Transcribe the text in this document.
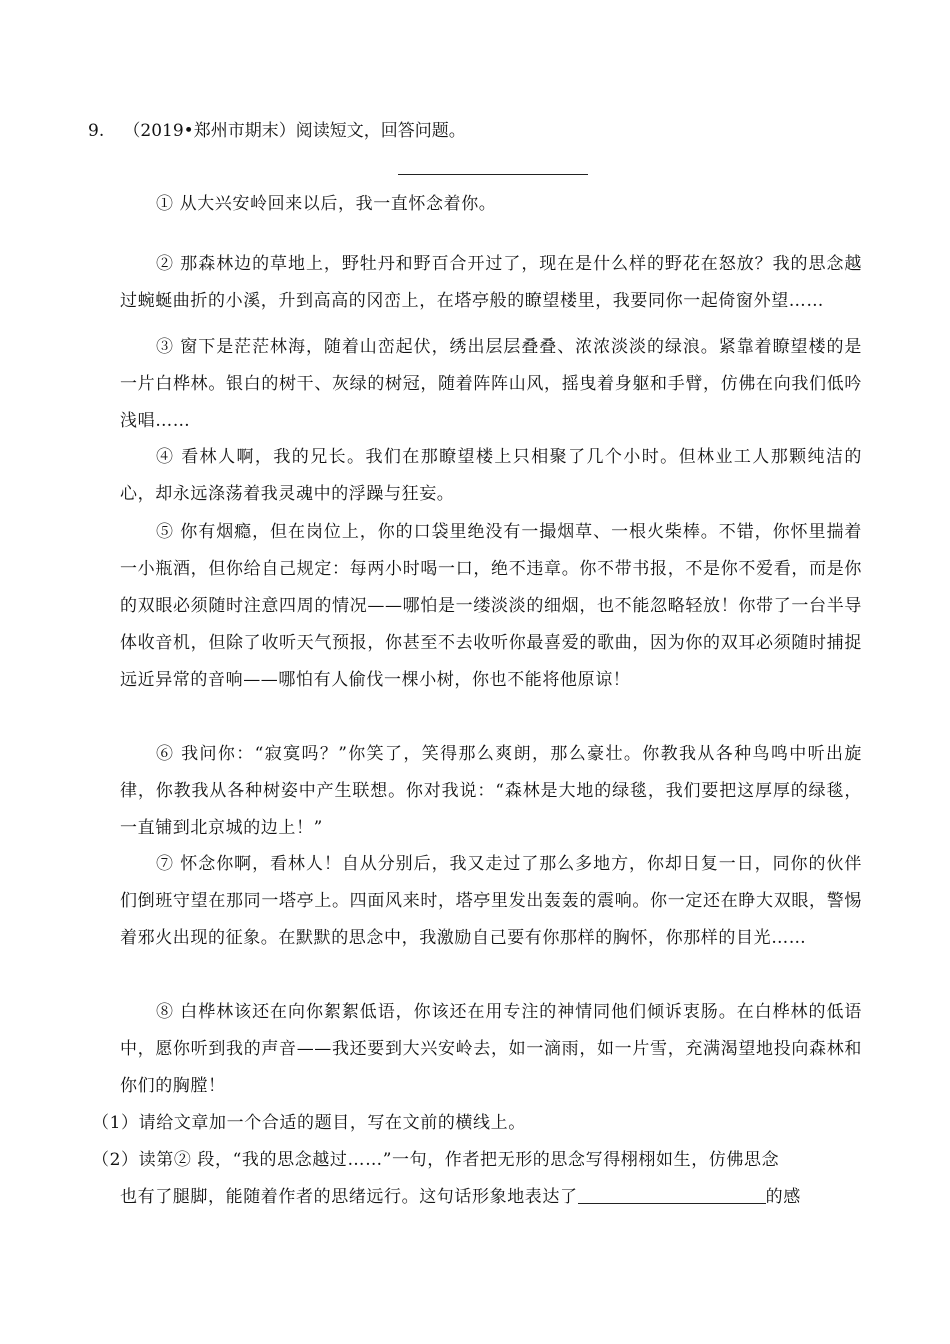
9. （2019•郑州市期末）阅读短文，回答问题。
① 从大兴安岭回来以后，我一直怀念着你。
② 那森林边的草地上，野牡丹和野百合开过了，现在是什么样的野花在怒放？我的思念越过蜿蜒曲折的小溪，升到高高的冈峦上，在塔亭般的瞭望楼里，我要同你一起倚窗外望……
③ 窗下是茫茫林海，随着山峦起伏，绣出层层叠叠、浓浓淡淡的绿浪。紧靠着瞭望楼的是一片白桦林。银白的树干、灰绿的树冠，随着阵阵山风，摇曳着身躯和手臂，仿佛在向我们低吟浅唱……
④ 看林人啊，我的兄长。我们在那瞭望楼上只相聚了几个小时。但林业工人那颗纯洁的心，却永远涤荡着我灵魂中的浮躁与狂妄。
⑤ 你有烟瘾，但在岗位上，你的口袋里绝没有一撮烟草、一根火柴棒。不错，你怀里揣着一小瓶酒，但你给自己规定：每两小时喝一口，绝不违章。你不带书报，不是你不爱看，而是你的双眼必须随时注意四周的情况——哪怕是一缕淡淡的细烟，也不能忽略轻放！你带了一台半导体收音机，但除了收听天气预报，你甚至不去收听你最喜爱的歌曲，因为你的双耳必须随时捕捉远近异常的音响——哪怕有人偷伐一棵小树，你也不能将他原谅！
⑥ 我问你：“寂寞吗？”你笑了，笑得那么爽朗，那么豪壮。你教我从各种鸟鸣中听出旋律，你教我从各种树姿中产生联想。你对我说：“森林是大地的绿毯，我们要把这厚厚的绿毯，一直铺到北京城的边上！”
⑦ 怀念你啊，看林人！自从分别后，我又走过了那么多地方，你却日复一日，同你的伙伴们倒班守望在那同一塔亭上。四面风来时，塔亭里发出轰轰的震响。你一定还在睁大双眼，警惕着邪火出现的征象。在默默的思念中，我激励自己要有你那样的胸怀，你那样的目光……
⑧ 白桦林该还在向你絮絮低语，你该还在用专注的神情同他们倾诉衷肠。在白桦林的低语中，愿你听到我的声音——我还要到大兴安岭去，如一滴雨，如一片雪，充满渴望地投向森林和你们的胸膛！
（1）请给文章加一个合适的题目，写在文前的横线上。
（2）读第② 段，“我的思念越过……”一句，作者把无形的思念写得栩栩如生，仿佛思念
也有了腿脚，能随着作者的思绪远行。这句话形象地表达了	的感
